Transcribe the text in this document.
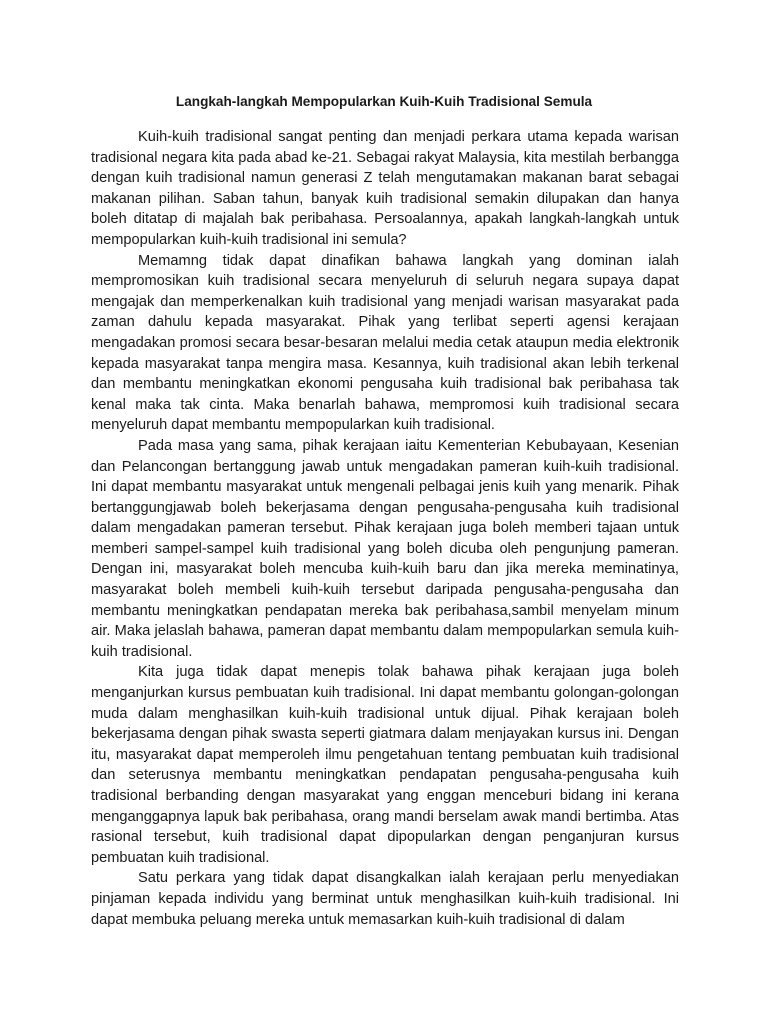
Langkah-langkah Mempopularkan Kuih-Kuih Tradisional Semula

Kuih-kuih tradisional sangat penting dan menjadi perkara utama kepada warisan tradisional negara kita pada abad ke-21. Sebagai rakyat Malaysia, kita mestilah berbangga dengan kuih tradisional namun generasi Z telah mengutamakan makanan barat sebagai makanan pilihan. Saban tahun, banyak kuih tradisional semakin dilupakan dan hanya boleh ditatap di majalah bak peribahasa. Persoalannya, apakah langkah-langkah untuk mempopularkan kuih-kuih tradisional ini semula?

Memamng tidak dapat dinafikan bahawa langkah yang dominan ialah mempromosikan kuih tradisional secara menyeluruh di seluruh negara supaya dapat mengajak dan memperkenalkan kuih tradisional yang menjadi warisan masyarakat pada zaman dahulu kepada masyarakat. Pihak yang terlibat seperti agensi kerajaan mengadakan promosi secara besar-besaran melalui media cetak ataupun media elektronik kepada masyarakat tanpa mengira masa. Kesannya, kuih tradisional akan lebih terkenal dan membantu meningkatkan ekonomi pengusaha kuih tradisional bak peribahasa tak kenal maka tak cinta. Maka benarlah bahawa, mempromosi kuih tradisional secara menyeluruh dapat membantu mempopularkan kuih tradisional.

Pada masa yang sama, pihak kerajaan iaitu Kementerian Kebubayaan, Kesenian dan Pelancongan bertanggung jawab untuk mengadakan pameran kuih-kuih tradisional. Ini dapat membantu masyarakat untuk mengenali pelbagai jenis kuih yang menarik. Pihak bertanggungjawab boleh bekerjasama dengan pengusaha-pengusaha kuih tradisional dalam mengadakan pameran tersebut. Pihak kerajaan juga boleh memberi tajaan untuk memberi sampel-sampel kuih tradisional yang boleh dicuba oleh pengunjung pameran. Dengan ini, masyarakat boleh mencuba kuih-kuih baru dan jika mereka meminatinya, masyarakat boleh membeli kuih-kuih tersebut daripada pengusaha-pengusaha dan membantu meningkatkan pendapatan mereka bak peribahasa,sambil menyelam minum air. Maka jelaslah bahawa, pameran dapat membantu dalam mempopularkan semula kuih-kuih tradisional.

Kita juga tidak dapat menepis tolak bahawa pihak kerajaan juga boleh menganjurkan kursus pembuatan kuih tradisional. Ini dapat membantu golongan-golongan muda dalam menghasilkan kuih-kuih tradisional untuk dijual. Pihak kerajaan boleh bekerjasama dengan pihak swasta seperti giatmara dalam menjayakan kursus ini. Dengan itu, masyarakat dapat memperoleh ilmu pengetahuan tentang pembuatan kuih tradisional dan seterusnya membantu meningkatkan pendapatan pengusaha-pengusaha kuih tradisional berbanding dengan masyarakat yang enggan menceburi bidang ini kerana menganggapnya lapuk bak peribahasa, orang mandi berselam awak mandi bertimba. Atas rasional tersebut, kuih tradisional dapat dipopularkan dengan penganjuran kursus pembuatan kuih tradisional.

Satu perkara yang tidak dapat disangkalkan ialah kerajaan perlu menyediakan pinjaman kepada individu yang berminat untuk menghasilkan kuih-kuih tradisional. Ini dapat membuka peluang mereka untuk memasarkan kuih-kuih tradisional di dalam
